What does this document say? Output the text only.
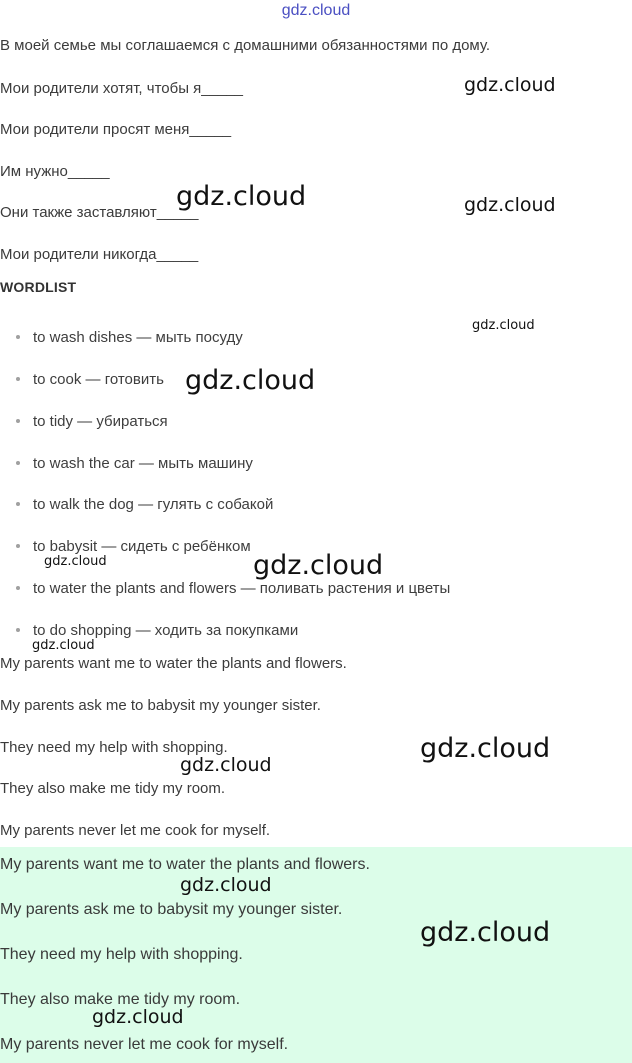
gdz.cloud
В моей семье мы соглашаемся с домашними обязанностями по дому.
Мои родители хотят, чтобы я_____
Мои родители просят меня_____
Им нужно_____
Они также заставляют_____
Мои родители никогда_____
WORDLIST
to wash dishes — мыть посуду
to cook — готовить
to tidy — убираться
to wash the car — мыть машину
to walk the dog — гулять с собакой
to babysit — сидеть с ребёнком
to water the plants and flowers — поливать растения и цветы
to do shopping — ходить за покупками
My parents want me to water the plants and flowers.
My parents ask me to babysit my younger sister.
They need my help with shopping.
They also make me tidy my room.
My parents never let me cook for myself.
My parents want me to water the plants and flowers.
My parents ask me to babysit my younger sister.
They need my help with shopping.
They also make me tidy my room.
My parents never let me cook for myself.
gdz.cloud
gdz.cloud	gdz.cloud
gdz.cloud
gdz.cloud
gdz.cloud
gdz.cloud
gdz.cloud
gdz.cloud
gdz.cloud
gdz.cloud
gdz.cloud
gdz.cloud
